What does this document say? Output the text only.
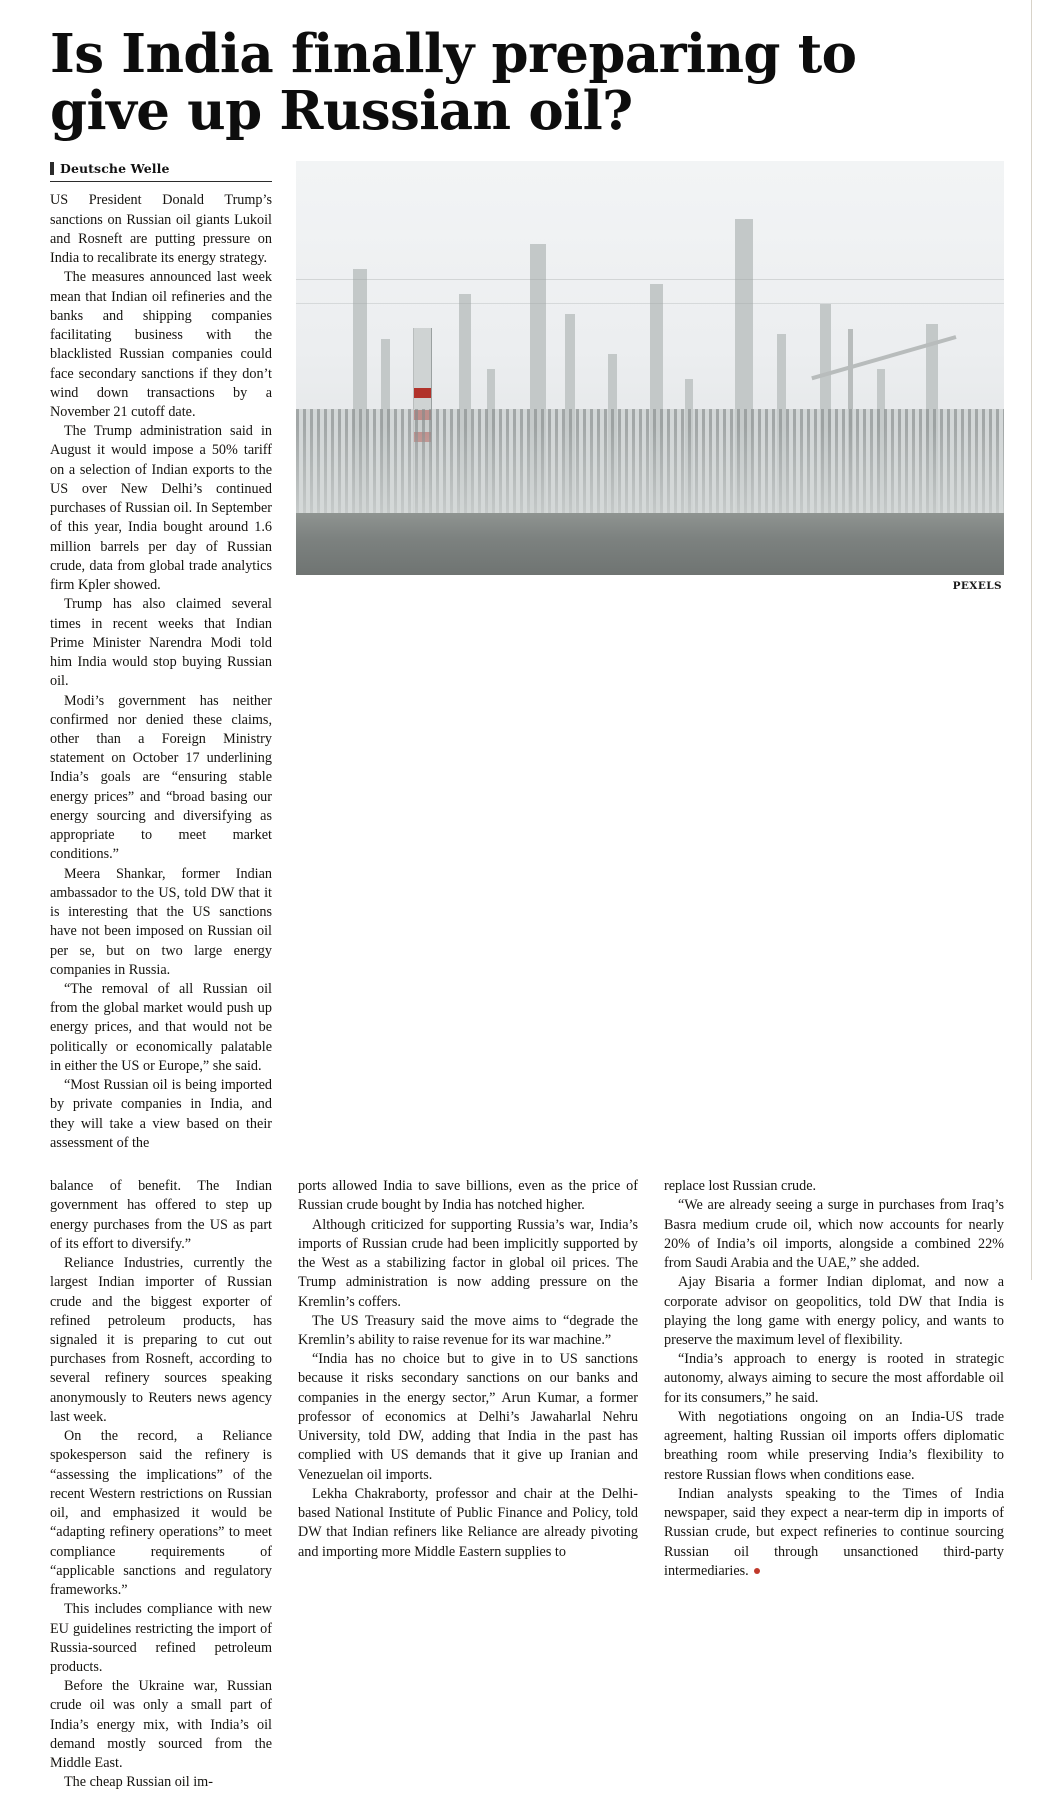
Is India finally preparing to give up Russian oil?
Deutsche Welle

US President Donald Trump’s sanctions on Russian oil giants Lukoil and Rosneft are putting pressure on India to recalibrate its energy strategy.

The measures announced last week mean that Indian oil refineries and the banks and shipping companies facilitating business with the blacklisted Russian companies could face secondary sanctions if they don’t wind down transactions by a November 21 cutoff date.

The Trump administration said in August it would impose a 50% tariff on a selection of Indian exports to the US over New Delhi’s continued purchases of Russian oil. In September of this year, India bought around 1.6 million barrels per day of Russian crude, data from global trade analytics firm Kpler showed.

Trump has also claimed several times in recent weeks that Indian Prime Minister Narendra Modi told him India would stop buying Russian oil.

Modi’s government has neither confirmed nor denied these claims, other than a Foreign Ministry statement on October 17 underlining India’s goals are “ensuring stable energy prices” and “broad basing our energy sourcing and diversifying as appropriate to meet market conditions.”

Meera Shankar, former Indian ambassador to the US, told DW that it is interesting that the US sanctions have not been imposed on Russian oil per se, but on two large energy companies in Russia.

“The removal of all Russian oil from the global market would push up energy prices, and that would not be politically or economically palatable in either the US or Europe,” she said.

“Most Russian oil is being imported by private companies in India, and they will take a view based on their assessment of the

PEXELS

balance of benefit. The Indian government has offered to step up energy purchases from the US as part of its effort to diversify.”

Reliance Industries, currently the largest Indian importer of Russian crude and the biggest exporter of refined petroleum products, has signaled it is preparing to cut out purchases from Rosneft, according to several refinery sources speaking anonymously to Reuters news agency last week.

On the record, a Reliance spokesperson said the refinery is “assessing the implications” of the recent Western restrictions on Russian oil, and emphasized it would be “adapting refinery operations” to meet compliance requirements of “applicable sanctions and regulatory frameworks.”

This includes compliance with new EU guidelines restricting the import of Russia-sourced refined petroleum products.

Before the Ukraine war, Russian crude oil was only a small part of India’s energy mix, with India’s oil demand mostly sourced from the Middle East.

The cheap Russian oil im-

ports allowed India to save billions, even as the price of Russian crude bought by India has notched higher.

Although criticized for supporting Russia’s war, India’s imports of Russian crude had been implicitly supported by the West as a stabilizing factor in global oil prices. The Trump administration is now adding pressure on the Kremlin’s coffers.

The US Treasury said the move aims to “degrade the Kremlin’s ability to raise revenue for its war machine.”

“India has no choice but to give in to US sanctions because it risks secondary sanctions on our banks and companies in the energy sector,” Arun Kumar, a former professor of economics at Delhi’s Jawaharlal Nehru University, told DW, adding that India in the past has complied with US demands that it give up Iranian and Venezuelan oil imports.

Lekha Chakraborty, professor and chair at the Delhi-based National Institute of Public Finance and Policy, told DW that Indian refiners like Reliance are already pivoting and importing more Middle Eastern supplies to

replace lost Russian crude.

“We are already seeing a surge in purchases from Iraq’s Basra medium crude oil, which now accounts for nearly 20% of India’s oil imports, alongside a combined 22% from Saudi Arabia and the UAE,” she added.

Ajay Bisaria a former Indian diplomat, and now a corporate advisor on geopolitics, told DW that India is playing the long game with energy policy, and wants to preserve the maximum level of flexibility.

“India’s approach to energy is rooted in strategic autonomy, always aiming to secure the most affordable oil for its consumers,” he said.

With negotiations ongoing on an India-US trade agreement, halting Russian oil imports offers diplomatic breathing room while preserving India’s flexibility to restore Russian flows when conditions ease.

Indian analysts speaking to the Times of India newspaper, said they expect a near-term dip in imports of Russian crude, but expect refineries to continue sourcing Russian oil through unsanctioned third-party intermediaries.
